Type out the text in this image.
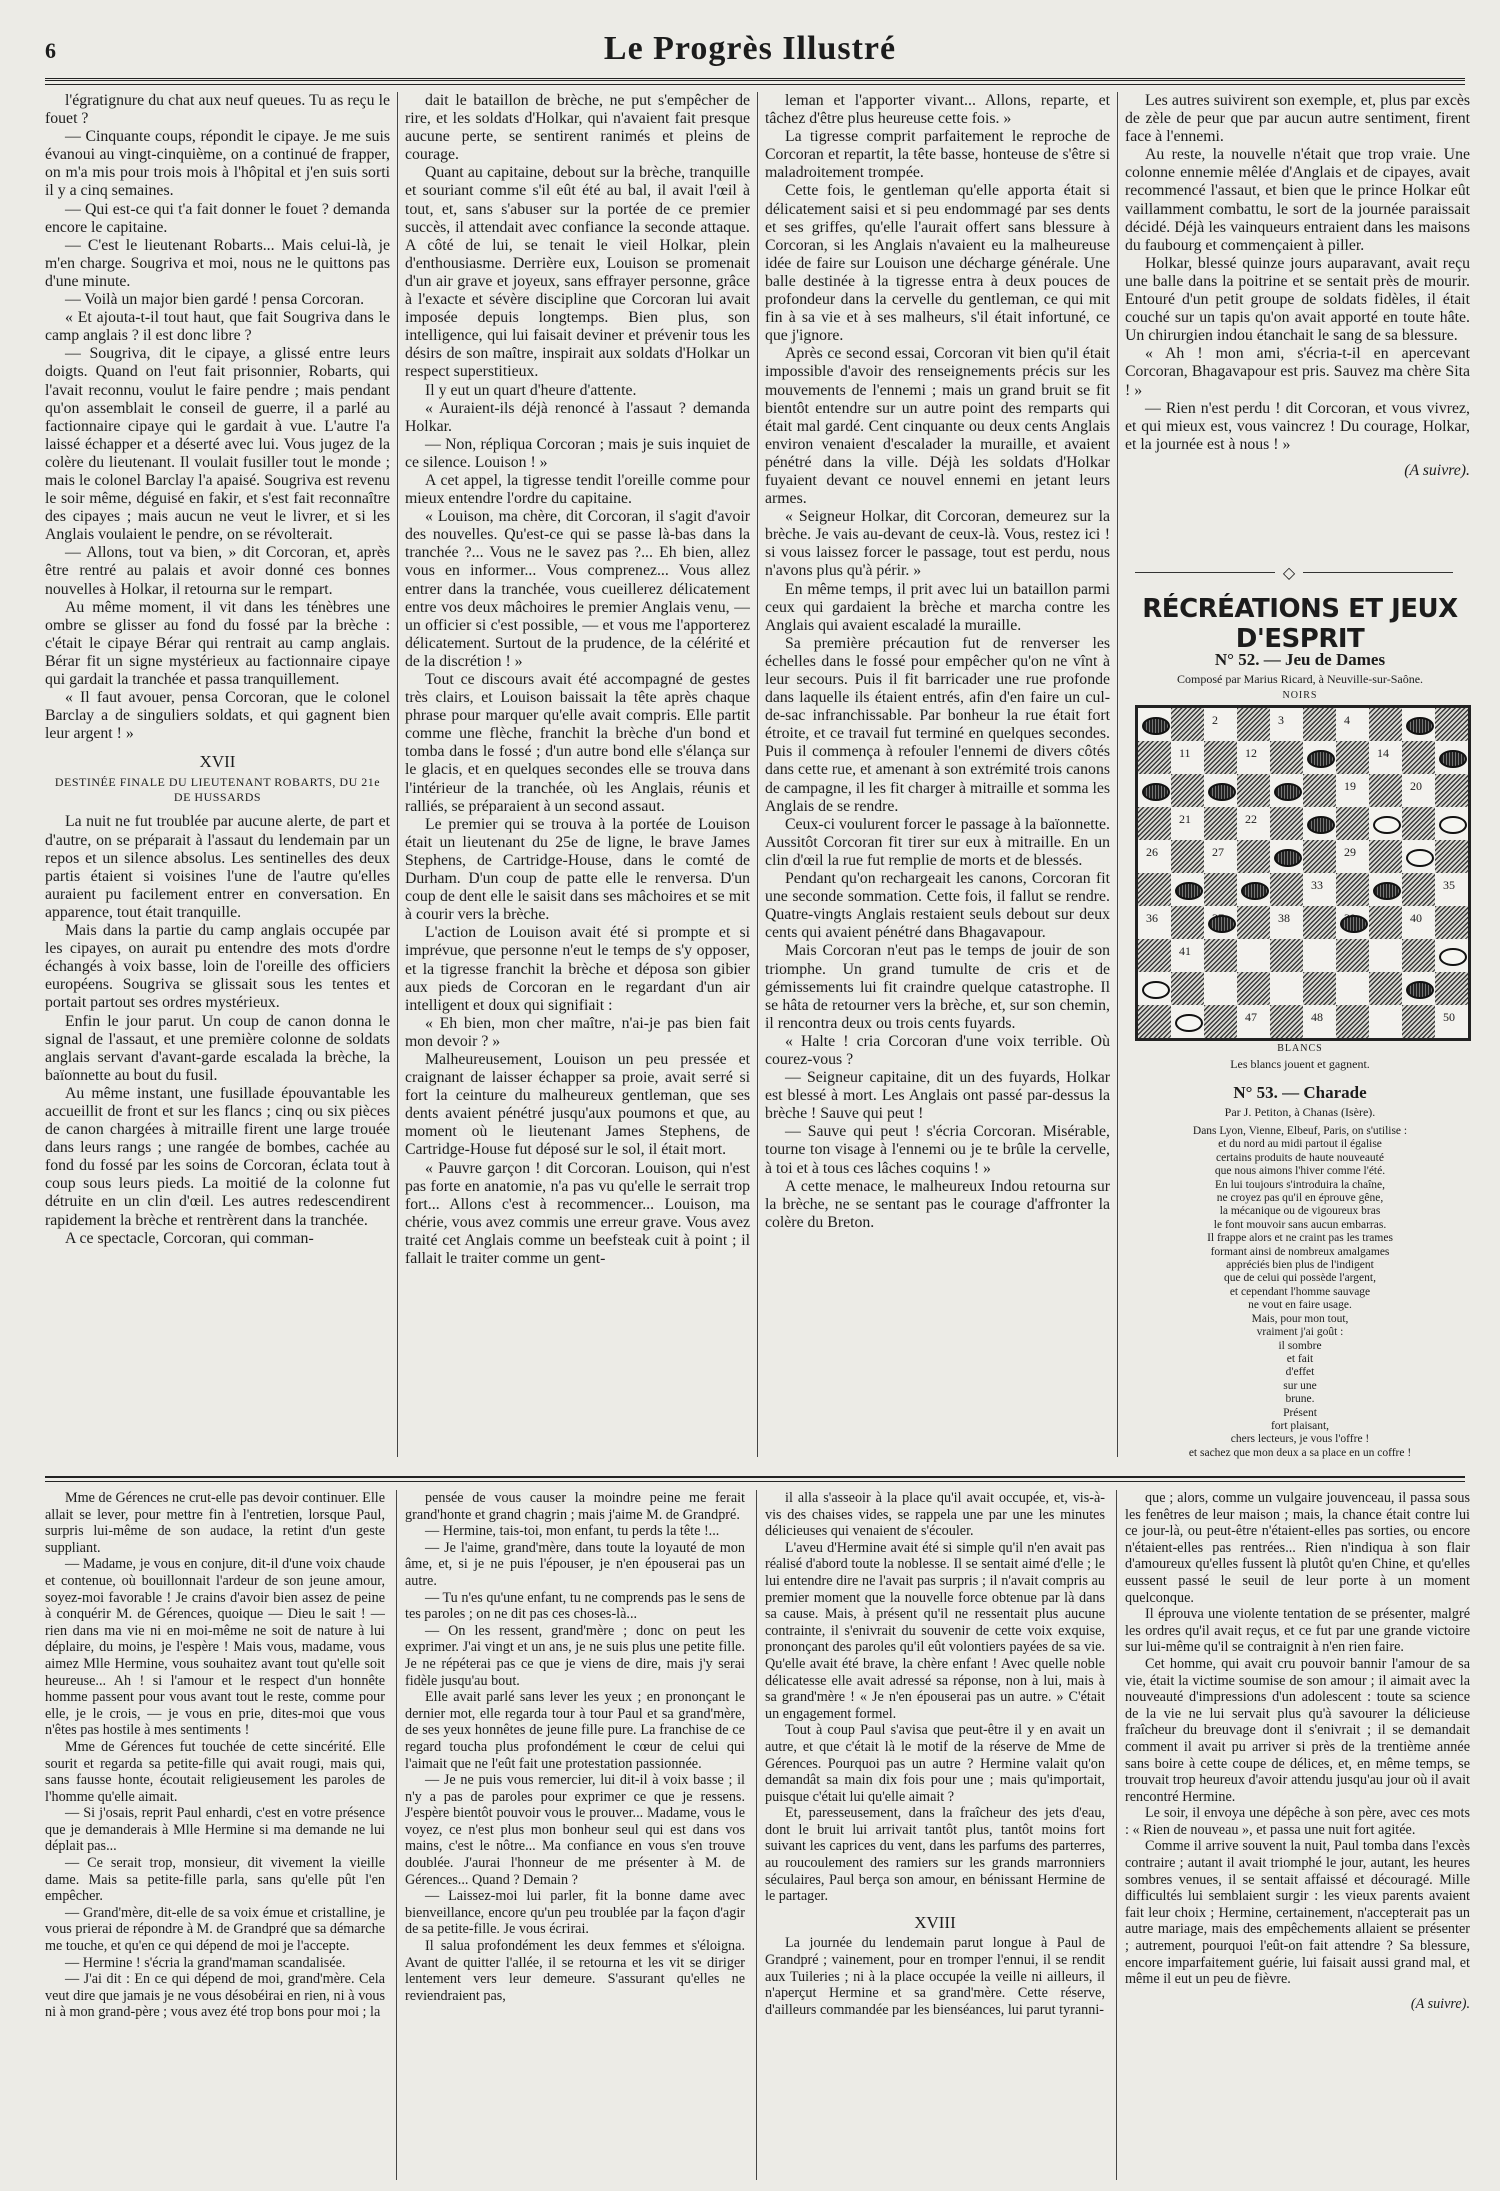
6	Le Progrès Illustré

l'égratignure du chat aux neuf queues. Tu as reçu le fouet ?

— Cinquante coups, répondit le cipaye. Je me suis évanoui au vingt-cinquième, on a continué de frapper, on m'a mis pour trois mois à l'hôpital et j'en suis sorti il y a cinq semaines.

— Qui est-ce qui t'a fait donner le fouet ? demanda encore le capitaine.

— C'est le lieutenant Robarts... Mais celui-là, je m'en charge. Sougriva et moi, nous ne le quittons pas d'une minute.

— Voilà un major bien gardé ! pensa Corcoran.

« Et ajouta-t-il tout haut, que fait Sougriva dans le camp anglais ? il est donc libre ?

— Sougriva, dit le cipaye, a glissé entre leurs doigts. Quand on l'eut fait prisonnier, Robarts, qui l'avait reconnu, voulut le faire pendre ; mais pendant qu'on assemblait le conseil de guerre, il a parlé au factionnaire cipaye qui le gardait à vue. L'autre l'a laissé échapper et a déserté avec lui. Vous jugez de la colère du lieutenant. Il voulait fusiller tout le monde ; mais le colonel Barclay l'a apaisé. Sougriva est revenu le soir même, déguisé en fakir, et s'est fait reconnaître des cipayes ; mais aucun ne veut le livrer, et si les Anglais voulaient le pendre, on se révolterait.

— Allons, tout va bien, » dit Corcoran, et, après être rentré au palais et avoir donné ces bonnes nouvelles à Holkar, il retourna sur le rempart.

Au même moment, il vit dans les ténèbres une ombre se glisser au fond du fossé par la brèche : c'était le cipaye Bérar qui rentrait au camp anglais. Bérar fit un signe mystérieux au factionnaire cipaye qui gardait la tranchée et passa tranquillement.

« Il faut avouer, pensa Corcoran, que le colonel Barclay a de singuliers soldats, et qui gagnent bien leur argent ! »

XVII

DESTINÉE FINALE DU LIEUTENANT ROBARTS, DU 21e DE HUSSARDS

La nuit ne fut troublée par aucune alerte, de part et d'autre, on se préparait à l'assaut du lendemain par un repos et un silence absolus. Les sentinelles des deux partis étaient si voisines l'une de l'autre qu'elles auraient pu facilement entrer en conversation. En apparence, tout était tranquille.

Mais dans la partie du camp anglais occupée par les cipayes, on aurait pu entendre des mots d'ordre échangés à voix basse, loin de l'oreille des officiers européens. Sougriva se glissait sous les tentes et portait partout ses ordres mystérieux.

Enfin le jour parut. Un coup de canon donna le signal de l'assaut, et une première colonne de soldats anglais servant d'avant-garde escalada la brèche, la baïonnette au bout du fusil.

Au même instant, une fusillade épouvantable les accueillit de front et sur les flancs ; cinq ou six pièces de canon chargées à mitraille firent une large trouée dans leurs rangs ; une rangée de bombes, cachée au fond du fossé par les soins de Corcoran, éclata tout à coup sous leurs pieds. La moitié de la colonne fut détruite en un clin d'œil. Les autres redescendirent rapidement la brèche et rentrèrent dans la tranchée.

A ce spectacle, Corcoran, qui comman-

dait le bataillon de brèche, ne put s'empêcher de rire, et les soldats d'Holkar, qui n'avaient fait presque aucune perte, se sentirent ranimés et pleins de courage.

Quant au capitaine, debout sur la brèche, tranquille et souriant comme s'il eût été au bal, il avait l'œil à tout, et, sans s'abuser sur la portée de ce premier succès, il attendait avec confiance la seconde attaque. A côté de lui, se tenait le vieil Holkar, plein d'enthousiasme. Derrière eux, Louison se promenait d'un air grave et joyeux, sans effrayer personne, grâce à l'exacte et sévère discipline que Corcoran lui avait imposée depuis longtemps. Bien plus, son intelligence, qui lui faisait deviner et prévenir tous les désirs de son maître, inspirait aux soldats d'Holkar un respect superstitieux.

Il y eut un quart d'heure d'attente.

« Auraient-ils déjà renoncé à l'assaut ? demanda Holkar.

— Non, répliqua Corcoran ; mais je suis inquiet de ce silence. Louison ! »

A cet appel, la tigresse tendit l'oreille comme pour mieux entendre l'ordre du capitaine.

« Louison, ma chère, dit Corcoran, il s'agit d'avoir des nouvelles. Qu'est-ce qui se passe là-bas dans la tranchée ?... Vous ne le savez pas ?... Eh bien, allez vous en informer... Vous comprenez... Vous allez entrer dans la tranchée, vous cueillerez délicatement entre vos deux mâchoires le premier Anglais venu, — un officier si c'est possible, — et vous me l'apporterez délicatement. Surtout de la prudence, de la célérité et de la discrétion ! »

Tout ce discours avait été accompagné de gestes très clairs, et Louison baissait la tête après chaque phrase pour marquer qu'elle avait compris. Elle partit comme une flèche, franchit la brèche d'un bond et tomba dans le fossé ; d'un autre bond elle s'élança sur le glacis, et en quelques secondes elle se trouva dans l'intérieur de la tranchée, où les Anglais, réunis et ralliés, se préparaient à un second assaut.

Le premier qui se trouva à la portée de Louison était un lieutenant du 25e de ligne, le brave James Stephens, de Cartridge-House, dans le comté de Durham. D'un coup de patte elle le renversa. D'un coup de dent elle le saisit dans ses mâchoires et se mit à courir vers la brèche.

L'action de Louison avait été si prompte et si imprévue, que personne n'eut le temps de s'y opposer, et la tigresse franchit la brèche et déposa son gibier aux pieds de Corcoran en le regardant d'un air intelligent et doux qui signifiait :

« Eh bien, mon cher maître, n'ai-je pas bien fait mon devoir ? »

Malheureusement, Louison un peu pressée et craignant de laisser échapper sa proie, avait serré si fort la ceinture du malheureux gentleman, que ses dents avaient pénétré jusqu'aux poumons et que, au moment où le lieutenant James Stephens, de Cartridge-House fut déposé sur le sol, il était mort.

« Pauvre garçon ! dit Corcoran. Louison, qui n'est pas forte en anatomie, n'a pas vu qu'elle le serrait trop fort... Allons c'est à recommencer... Louison, ma chérie, vous avez commis une erreur grave. Vous avez traité cet Anglais comme un beefsteak cuit à point ; il fallait le traiter comme un gent-

leman et l'apporter vivant... Allons, reparte, et tâchez d'être plus heureuse cette fois. »

La tigresse comprit parfaitement le reproche de Corcoran et repartit, la tête basse, honteuse de s'être si maladroitement trompée.

Cette fois, le gentleman qu'elle apporta était si délicatement saisi et si peu endommagé par ses dents et ses griffes, qu'elle l'aurait offert sans blessure à Corcoran, si les Anglais n'avaient eu la malheureuse idée de faire sur Louison une décharge générale. Une balle destinée à la tigresse entra à deux pouces de profondeur dans la cervelle du gentleman, ce qui mit fin à sa vie et à ses malheurs, s'il était infortuné, ce que j'ignore.

Après ce second essai, Corcoran vit bien qu'il était impossible d'avoir des renseignements précis sur les mouvements de l'ennemi ; mais un grand bruit se fit bientôt entendre sur un autre point des remparts qui était mal gardé. Cent cinquante ou deux cents Anglais environ venaient d'escalader la muraille, et avaient pénétré dans la ville. Déjà les soldats d'Holkar fuyaient devant ce nouvel ennemi en jetant leurs armes.

« Seigneur Holkar, dit Corcoran, demeurez sur la brèche. Je vais au-devant de ceux-là. Vous, restez ici ! si vous laissez forcer le passage, tout est perdu, nous n'avons plus qu'à périr. »

En même temps, il prit avec lui un bataillon parmi ceux qui gardaient la brèche et marcha contre les Anglais qui avaient escaladé la muraille.

Sa première précaution fut de renverser les échelles dans le fossé pour empêcher qu'on ne vînt à leur secours. Puis il fit barricader une rue profonde dans laquelle ils étaient entrés, afin d'en faire un cul-de-sac infranchissable. Par bonheur la rue était fort étroite, et ce travail fut terminé en quelques secondes. Puis il commença à refouler l'ennemi de divers côtés dans cette rue, et amenant à son extrémité trois canons de campagne, il les fit charger à mitraille et somma les Anglais de se rendre.

Ceux-ci voulurent forcer le passage à la baïonnette. Aussitôt Corcoran fit tirer sur eux à mitraille. En un clin d'œil la rue fut remplie de morts et de blessés.

Pendant qu'on rechargeait les canons, Corcoran fit une seconde sommation. Cette fois, il fallut se rendre. Quatre-vingts Anglais restaient seuls debout sur deux cents qui avaient pénétré dans Bhagavapour.

Mais Corcoran n'eut pas le temps de jouir de son triomphe. Un grand tumulte de cris et de gémissements lui fit craindre quelque catastrophe. Il se hâta de retourner vers la brèche, et, sur son chemin, il rencontra deux ou trois cents fuyards.

« Halte ! cria Corcoran d'une voix terrible. Où courez-vous ?

— Seigneur capitaine, dit un des fuyards, Holkar est blessé à mort. Les Anglais ont passé par-dessus la brèche ! Sauve qui peut !

— Sauve qui peut ! s'écria Corcoran. Misérable, tourne ton visage à l'ennemi ou je te brûle la cervelle, à toi et à tous ces lâches coquins ! »

A cette menace, le malheureux Indou retourna sur la brèche, ne se sentant pas le courage d'affronter la colère du Breton.

Les autres suivirent son exemple, et, plus par excès de zèle de peur que par aucun autre sentiment, firent face à l'ennemi.

Au reste, la nouvelle n'était que trop vraie. Une colonne ennemie mêlée d'Anglais et de cipayes, avait recommencé l'assaut, et bien que le prince Holkar eût vaillamment combattu, le sort de la journée paraissait décidé. Déjà les vainqueurs entraient dans les maisons du faubourg et commençaient à piller.

Holkar, blessé quinze jours auparavant, avait reçu une balle dans la poitrine et se sentait près de mourir. Entouré d'un petit groupe de soldats fidèles, il était couché sur un tapis qu'on avait apporté en toute hâte. Un chirurgien indou étanchait le sang de sa blessure.

« Ah ! mon ami, s'écria-t-il en apercevant Corcoran, Bhagavapour est pris. Sauvez ma chère Sita ! »

— Rien n'est perdu ! dit Corcoran, et vous vivrez, et qui mieux est, vous vaincrez ! Du courage, Holkar, et la journée est à nous ! »

(A suivre).

◇
RÉCRÉATIONS ET JEUX D'ESPRIT
N° 52. — Jeu de Dames
Composé par Marius Ricard, à Neuville-sur-Saône.
NOIRS
2	3	4
11	12	14
19	20
21	22
26	27	29
33	35
36	38	40
41
47	48	50
BLANCS
Les blancs jouent et gagnent.
N° 53. — Charade
Par J. Petiton, à Chanas (Isère).
Dans Lyon, Vienne, Elbeuf, Paris, on s'utilise :
et du nord au midi partout il égalise
certains produits de haute nouveauté
que nous aimons l'hiver comme l'été.
En lui toujours s'introduira la chaîne,
ne croyez pas qu'il en éprouve gêne,
la mécanique ou de vigoureux bras
le font mouvoir sans aucun embarras.
Il frappe alors et ne craint pas les trames
formant ainsi de nombreux amalgames
appréciés bien plus de l'indigent
que de celui qui possède l'argent,
et cependant l'homme sauvage
ne vout en faire usage.
Mais, pour mon tout,
vraiment j'ai goût :
il sombre
et fait
d'effet
sur une
brune.
Présent
fort plaisant,
chers lecteurs, je vous l'offre !
et sachez que mon deux a sa place en un coffre !

Mme de Gérences ne crut-elle pas devoir continuer. Elle allait se lever, pour mettre fin à l'entretien, lorsque Paul, surpris lui-même de son audace, la retint d'un geste suppliant.

— Madame, je vous en conjure, dit-il d'une voix chaude et contenue, où bouillonnait l'ardeur de son jeune amour, soyez-moi favorable ! Je crains d'avoir bien assez de peine à conquérir M. de Gérences, quoique — Dieu le sait ! — rien dans ma vie ni en moi-même ne soit de nature à lui déplaire, du moins, je l'espère ! Mais vous, madame, vous aimez Mlle Hermine, vous souhaitez avant tout qu'elle soit heureuse... Ah ! si l'amour et le respect d'un honnête homme passent pour vous avant tout le reste, comme pour elle, je le crois, — je vous en prie, dites-moi que vous n'êtes pas hostile à mes sentiments !

Mme de Gérences fut touchée de cette sincérité. Elle sourit et regarda sa petite-fille qui avait rougi, mais qui, sans fausse honte, écoutait religieusement les paroles de l'homme qu'elle aimait.

— Si j'osais, reprit Paul enhardi, c'est en votre présence que je demanderais à Mlle Hermine si ma demande ne lui déplait pas...

— Ce serait trop, monsieur, dit vivement la vieille dame. Mais sa petite-fille parla, sans qu'elle pût l'en empêcher.

— Grand'mère, dit-elle de sa voix émue et cristalline, je vous prierai de répondre à M. de Grandpré que sa démarche me touche, et qu'en ce qui dépend de moi je l'accepte.

— Hermine ! s'écria la grand'maman scandalisée.

— J'ai dit : En ce qui dépend de moi, grand'mère. Cela veut dire que jamais je ne vous désobéirai en rien, ni à vous ni à mon grand-père ; vous avez été trop bons pour moi ; la

pensée de vous causer la moindre peine me ferait grand'honte et grand chagrin ; mais j'aime M. de Grandpré.

— Hermine, tais-toi, mon enfant, tu perds la tête !...

— Je l'aime, grand'mère, dans toute la loyauté de mon âme, et, si je ne puis l'épouser, je n'en épouserai pas un autre.

— Tu n'es qu'une enfant, tu ne comprends pas le sens de tes paroles ; on ne dit pas ces choses-là...

— On les ressent, grand'mère ; donc on peut les exprimer. J'ai vingt et un ans, je ne suis plus une petite fille. Je ne répéterai pas ce que je viens de dire, mais j'y serai fidèle jusqu'au bout.

Elle avait parlé sans lever les yeux ; en prononçant le dernier mot, elle regarda tour à tour Paul et sa grand'mère, de ses yeux honnêtes de jeune fille pure. La franchise de ce regard toucha plus profondément le cœur de celui qui l'aimait que ne l'eût fait une protestation passionnée.

— Je ne puis vous remercier, lui dit-il à voix basse ; il n'y a pas de paroles pour exprimer ce que je ressens. J'espère bientôt pouvoir vous le prouver... Madame, vous le voyez, ce n'est plus mon bonheur seul qui est dans vos mains, c'est le nôtre... Ma confiance en vous s'en trouve doublée. J'aurai l'honneur de me présenter à M. de Gérences... Quand ? Demain ?

— Laissez-moi lui parler, fit la bonne dame avec bienveillance, encore qu'un peu troublée par la façon d'agir de sa petite-fille. Je vous écrirai.

Il salua profondément les deux femmes et s'éloigna. Avant de quitter l'allée, il se retourna et les vit se diriger lentement vers leur demeure. S'assurant qu'elles ne reviendraient pas,

il alla s'asseoir à la place qu'il avait occupée, et, vis-à-vis des chaises vides, se rappela une par une les minutes délicieuses qui venaient de s'écouler.

L'aveu d'Hermine avait été si simple qu'il n'en avait pas réalisé d'abord toute la noblesse. Il se sentait aimé d'elle ; le lui entendre dire ne l'avait pas surpris ; il n'avait compris au premier moment que la nouvelle force obtenue par là dans sa cause. Mais, à présent qu'il ne ressentait plus aucune contrainte, il s'enivrait du souvenir de cette voix exquise, prononçant des paroles qu'il eût volontiers payées de sa vie. Qu'elle avait été brave, la chère enfant ! Avec quelle noble délicatesse elle avait adressé sa réponse, non à lui, mais à sa grand'mère ! « Je n'en épouserai pas un autre. » C'était un engagement formel.

Tout à coup Paul s'avisa que peut-être il y en avait un autre, et que c'était là le motif de la réserve de Mme de Gérences. Pourquoi pas un autre ? Hermine valait qu'on demandât sa main dix fois pour une ; mais qu'importait, puisque c'était lui qu'elle aimait ?

Et, paresseusement, dans la fraîcheur des jets d'eau, dont le bruit lui arrivait tantôt plus, tantôt moins fort suivant les caprices du vent, dans les parfums des parterres, au roucoulement des ramiers sur les grands marronniers séculaires, Paul berça son amour, en bénissant Hermine de le partager.

XVIII

La journée du lendemain parut longue à Paul de Grandpré ; vainement, pour en tromper l'ennui, il se rendit aux Tuileries ; ni à la place occupée la veille ni ailleurs, il n'aperçut Hermine et sa grand'mère. Cette réserve, d'ailleurs commandée par les bienséances, lui parut tyranni-

que ; alors, comme un vulgaire jouvenceau, il passa sous les fenêtres de leur maison ; mais, la chance était contre lui ce jour-là, ou peut-être n'étaient-elles pas sorties, ou encore n'étaient-elles pas rentrées... Rien n'indiqua à son flair d'amoureux qu'elles fussent là plutôt qu'en Chine, et qu'elles eussent passé le seuil de leur porte à un moment quelconque.

Il éprouva une violente tentation de se présenter, malgré les ordres qu'il avait reçus, et ce fut par une grande victoire sur lui-même qu'il se contraignit à n'en rien faire.

Cet homme, qui avait cru pouvoir bannir l'amour de sa vie, était la victime soumise de son amour ; il aimait avec la nouveauté d'impressions d'un adolescent : toute sa science de la vie ne lui servait plus qu'à savourer la délicieuse fraîcheur du breuvage dont il s'enivrait ; il se demandait comment il avait pu arriver si près de la trentième année sans boire à cette coupe de délices, et, en même temps, se trouvait trop heureux d'avoir attendu jusqu'au jour où il avait rencontré Hermine.

Le soir, il envoya une dépêche à son père, avec ces mots : « Rien de nouveau », et passa une nuit fort agitée.

Comme il arrive souvent la nuit, Paul tomba dans l'excès contraire ; autant il avait triomphé le jour, autant, les heures sombres venues, il se sentait affaissé et découragé. Mille difficultés lui semblaient surgir : les vieux parents avaient fait leur choix ; Hermine, certainement, n'accepterait pas un autre mariage, mais des empêchements allaient se présenter ; autrement, pourquoi l'eût-on fait attendre ? Sa blessure, encore imparfaitement guérie, lui faisait aussi grand mal, et même il eut un peu de fièvre.

(A suivre).
